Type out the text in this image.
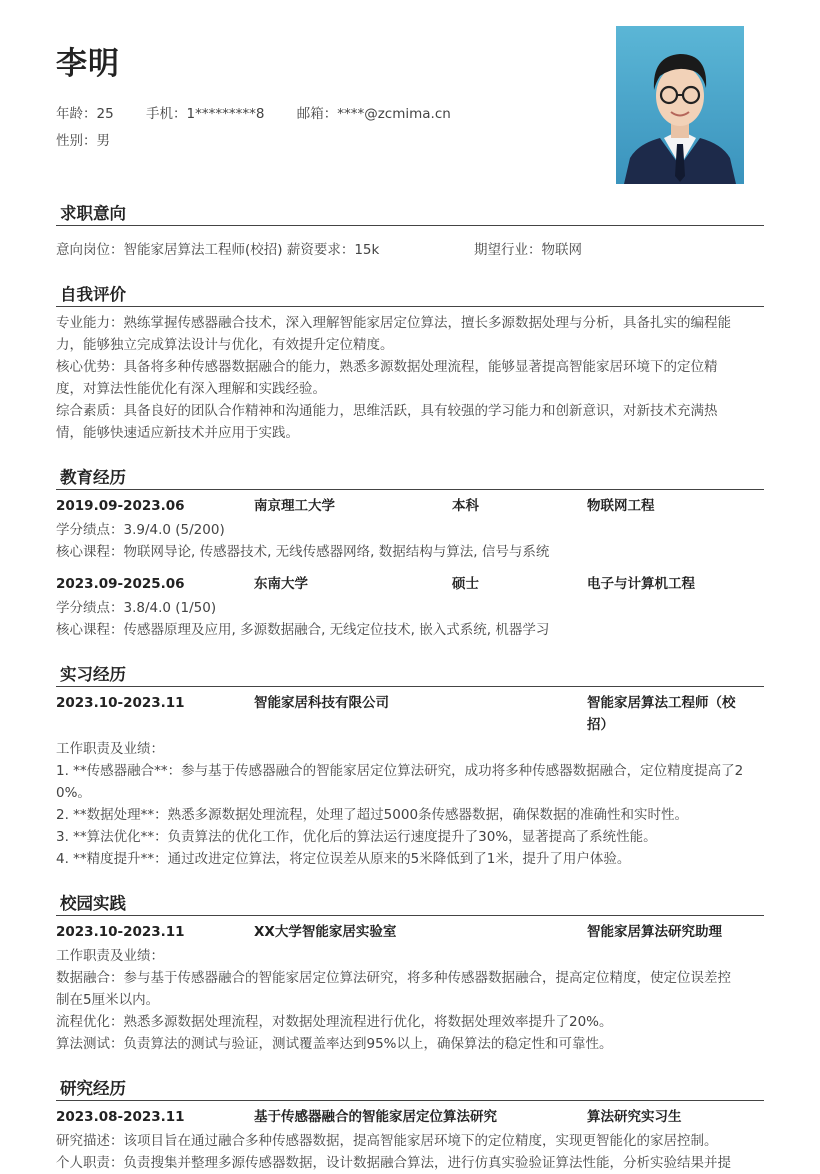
李明
年龄：25 手机：1*********8 邮箱：****@zcmima.cn
性别：男
求职意向
意向岗位：智能家居算法工程师(校招) 薪资要求：15k	期望行业：物联网
自我评价
专业能力：熟练掌握传感器融合技术，深入理解智能家居定位算法，擅长多源数据处理与分析，具备扎实的编程能
力，能够独立完成算法设计与优化，有效提升定位精度。
核心优势：具备将多种传感器数据融合的能力，熟悉多源数据处理流程，能够显著提高智能家居环境下的定位精
度，对算法性能优化有深入理解和实践经验。
综合素质：具备良好的团队合作精神和沟通能力，思维活跃，具有较强的学习能力和创新意识，对新技术充满热
情，能够快速适应新技术并应用于实践。
教育经历
2019.09-2023.06	南京理工大学	本科	物联网工程
学分绩点：3.9/4.0 (5/200)
核心课程：物联网导论, 传感器技术, 无线传感器网络, 数据结构与算法, 信号与系统
2023.09-2025.06	东南大学	硕士	电子与计算机工程
学分绩点：3.8/4.0 (1/50)
核心课程：传感器原理及应用, 多源数据融合, 无线定位技术, 嵌入式系统, 机器学习
实习经历
2023.10-2023.11	智能家居科技有限公司	智能家居算法工程师（校
招）
工作职责及业绩：
1. **传感器融合**：参与基于传感器融合的智能家居定位算法研究，成功将多种传感器数据融合，定位精度提高了2
0%。
2. **数据处理**：熟悉多源数据处理流程，处理了超过5000条传感器数据，确保数据的准确性和实时性。
3. **算法优化**：负责算法的优化工作，优化后的算法运行速度提升了30%，显著提高了系统性能。
4. **精度提升**：通过改进定位算法，将定位误差从原来的5米降低到了1米，提升了用户体验。
校园实践
2023.10-2023.11	XX大学智能家居实验室	智能家居算法研究助理
工作职责及业绩：
数据融合：参与基于传感器融合的智能家居定位算法研究，将多种传感器数据融合，提高定位精度，使定位误差控
制在5厘米以内。
流程优化：熟悉多源数据处理流程，对数据处理流程进行优化，将数据处理效率提升了20%。
算法测试：负责算法的测试与验证，测试覆盖率达到95%以上，确保算法的稳定性和可靠性。
研究经历
2023.08-2023.11	基于传感器融合的智能家居定位算法研究	算法研究实习生
研究描述：该项目旨在通过融合多种传感器数据，提高智能家居环境下的定位精度，实现更智能化的家居控制。
个人职责：负责搜集并整理多源传感器数据，设计数据融合算法，进行仿真实验验证算法性能，分析实验结果并提
